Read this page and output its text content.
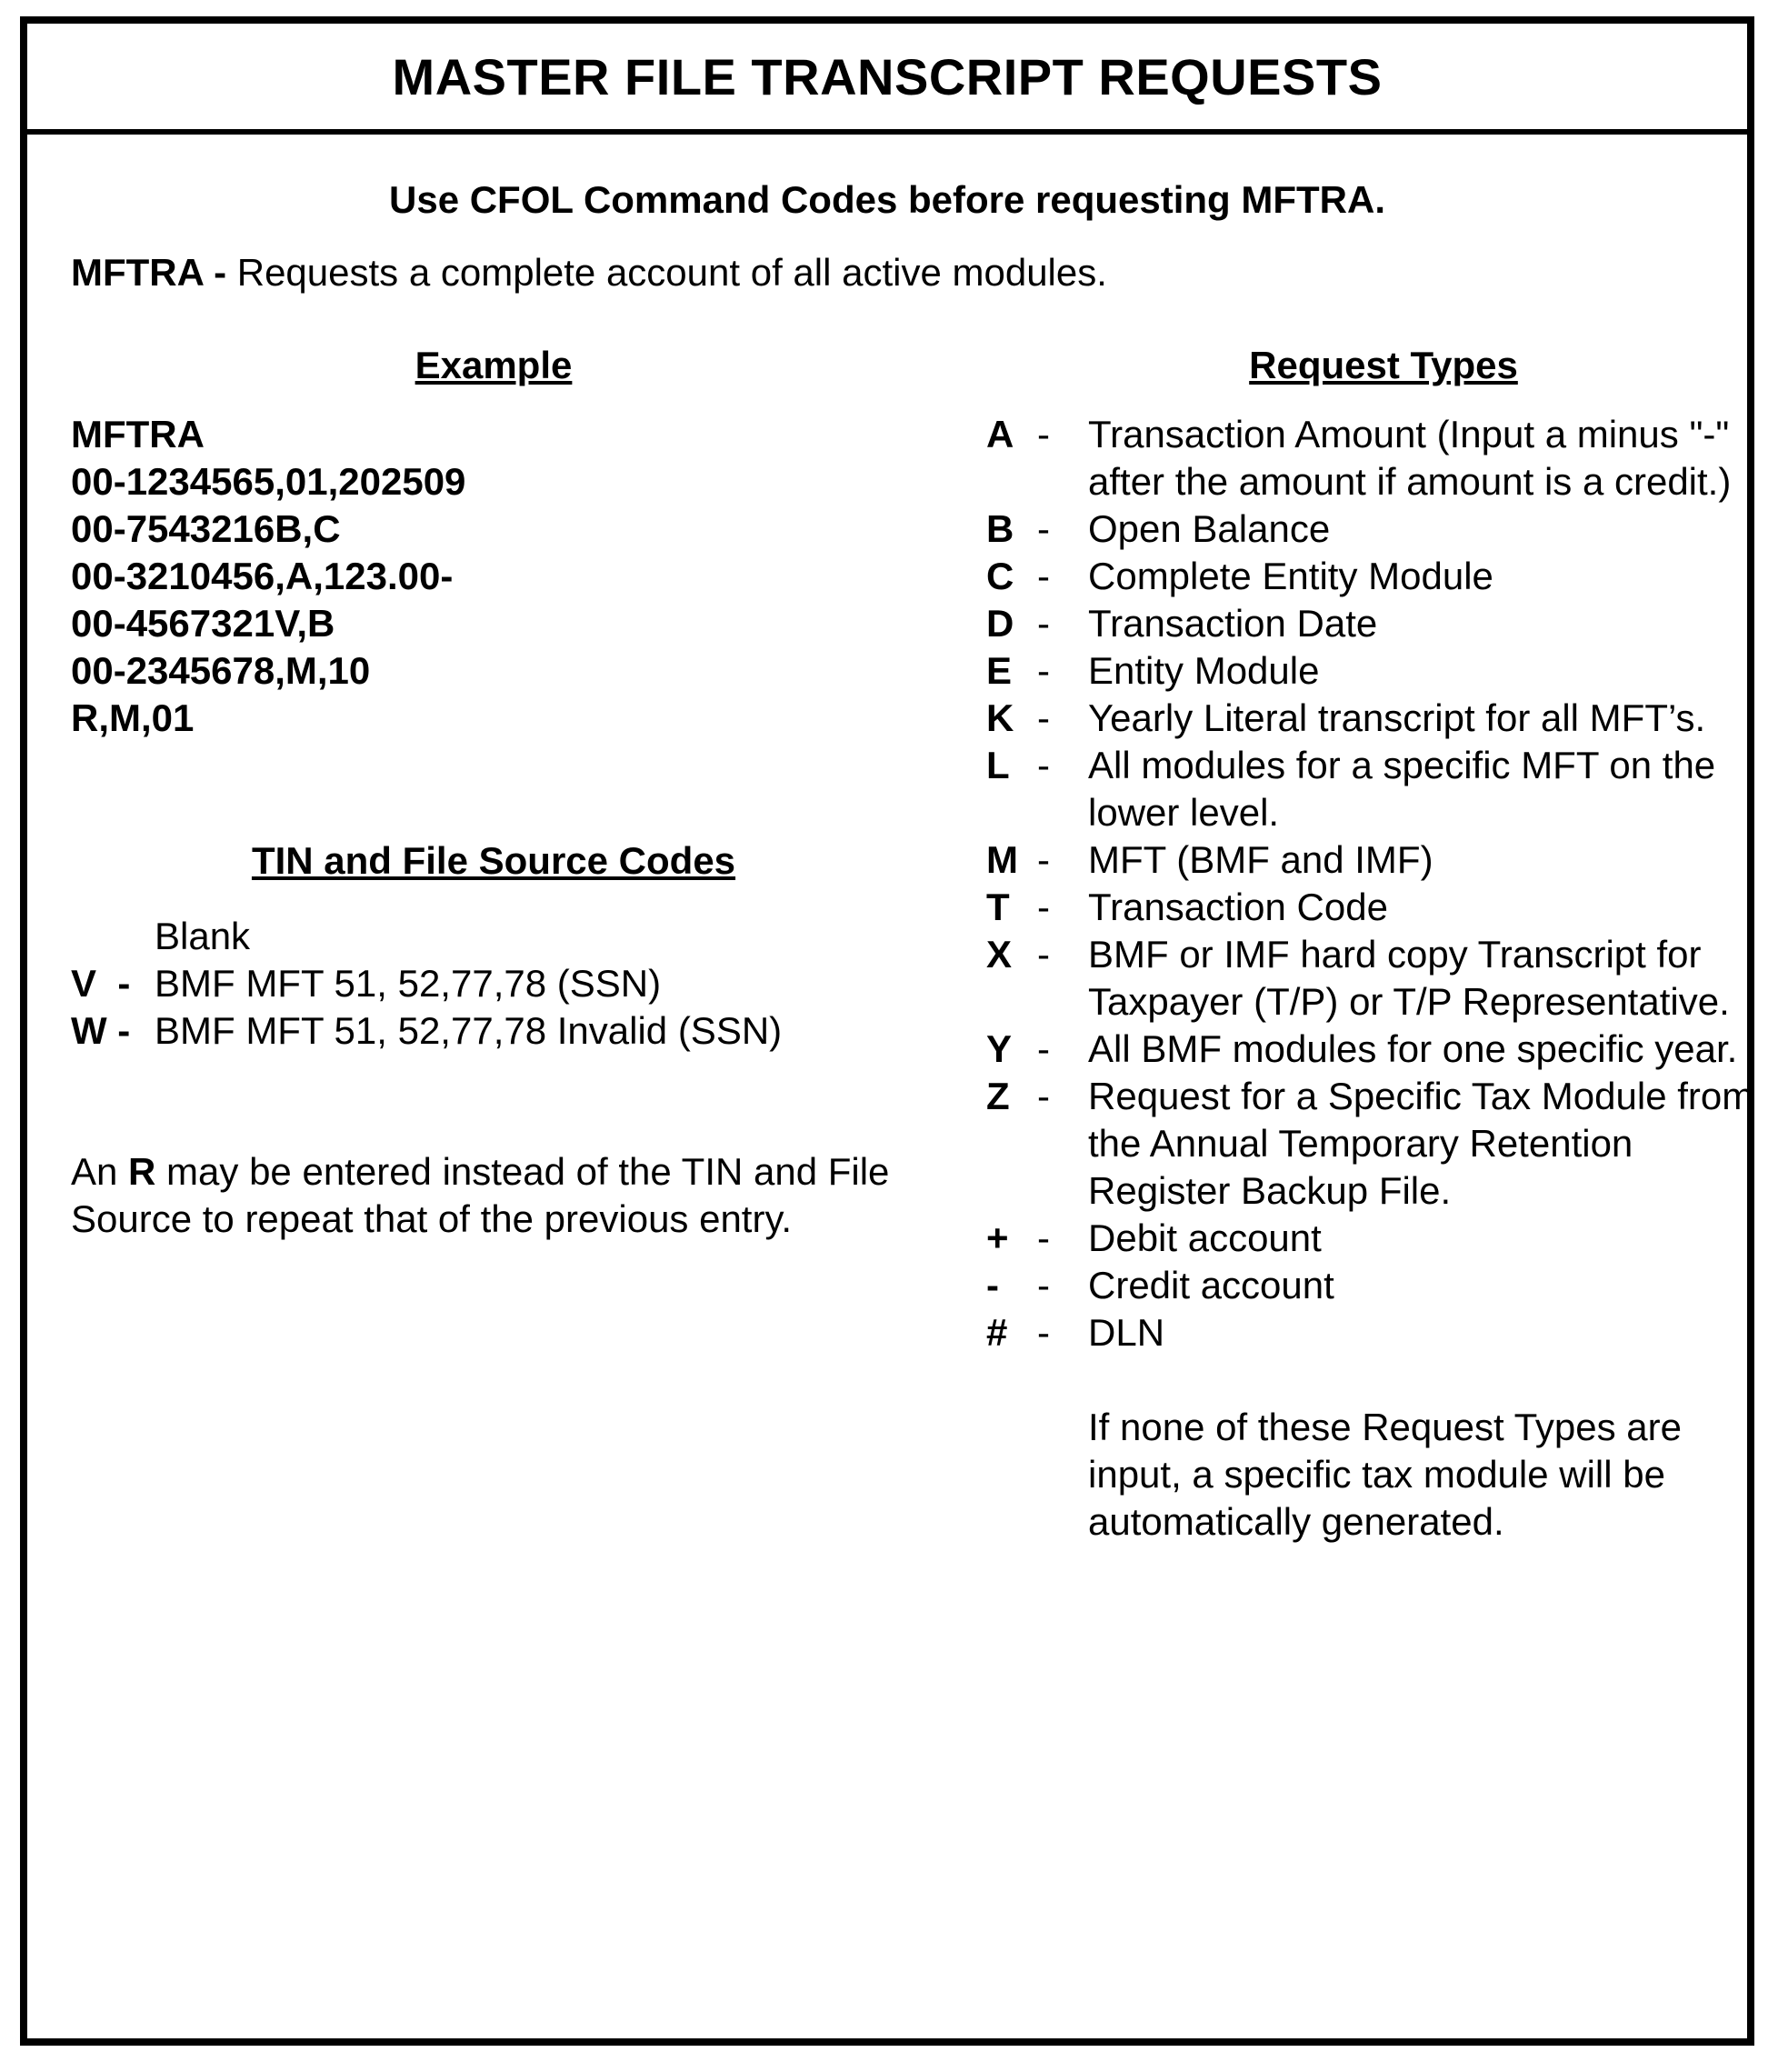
MASTER FILE TRANSCRIPT REQUESTS
Use CFOL Command Codes before requesting MFTRA.
MFTRA - Requests a complete account of all active modules.
Example
MFTRA
00-1234565,01,202509
00-7543216B,C
00-3210456,A,123.00-
00-4567321V,B
00-2345678,M,10
R,M,01
TIN and File Source Codes
Blank
V  - BMF MFT 51, 52,77,78 (SSN)
W - BMF MFT 51, 52,77,78 Invalid (SSN)
An R may be entered instead of the TIN and File Source to repeat that of the previous entry.
Request Types
A -	Transaction Amount (Input a minus "-" after the amount if amount is a credit.)
B -	Open Balance
C -	Complete Entity Module
D -	Transaction Date
E -	Entity Module
K -	Yearly Literal transcript for all MFT’s.
L -	All modules for a specific MFT on the lower level.
M -	MFT (BMF and IMF)
T -	Transaction Code
X -	BMF or IMF hard copy Transcript for Taxpayer (T/P) or T/P Representative.
Y -	All BMF modules for one specific year.
Z -	Request for a Specific Tax Module from the Annual Temporary Retention Register Backup File.
+ -	Debit account
-	-	Credit account
# -	DLN
If none of these Request Types are input, a specific tax module will be automatically generated.
